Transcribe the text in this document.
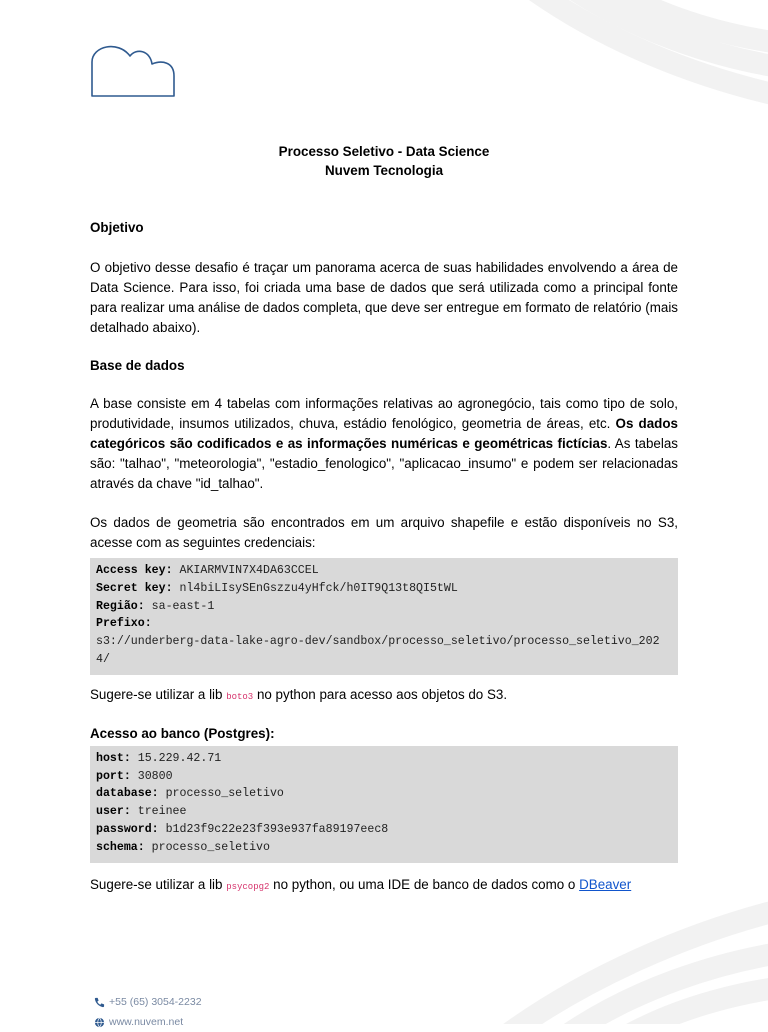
Processo Seletivo - Data Science

Nuvem Tecnologia

Objetivo

O objetivo desse desafio é traçar um panorama acerca de suas habilidades envolvendo a área de Data Science. Para isso, foi criada uma base de dados que será utilizada como a principal fonte para realizar uma análise de dados completa, que deve ser entregue em formato de relatório (mais detalhado abaixo).

Base de dados

A base consiste em 4 tabelas com informações relativas ao agronegócio, tais como tipo de solo, produtividade, insumos utilizados, chuva, estádio fenológico, geometria de áreas, etc. Os dados categóricos são codificados e as informações numéricas e geométricas fictícias. As tabelas são: "talhao", "meteorologia", "estadio_fenologico", "aplicacao_insumo" e podem ser relacionadas através da chave "id_talhao".

Os dados de geometria são encontrados em um arquivo shapefile e estão disponíveis no S3, acesse com as seguintes credenciais:

Access key: AKIARMVIN7X4DA63CCEL
Secret key: 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
Região: sa-east-1
Prefixo:
s3://underberg-data-lake-agro-dev/sandbox/processo_seletivo/processo_seletivo_2024/

Sugere-se utilizar a lib boto3 no python para acesso aos objetos do S3.

Acesso ao banco (Postgres):

host: 15.229.42.71
port: 30800
database: processo_seletivo
user: treinee
password: b1d23f9c22e23f393e937fa89197eec8
schema: processo_seletivo

Sugere-se utilizar a lib psycopg2 no python, ou uma IDE de banco de dados como o DBeaver

+55 (65) 3054-2232
www.nuvem.net
